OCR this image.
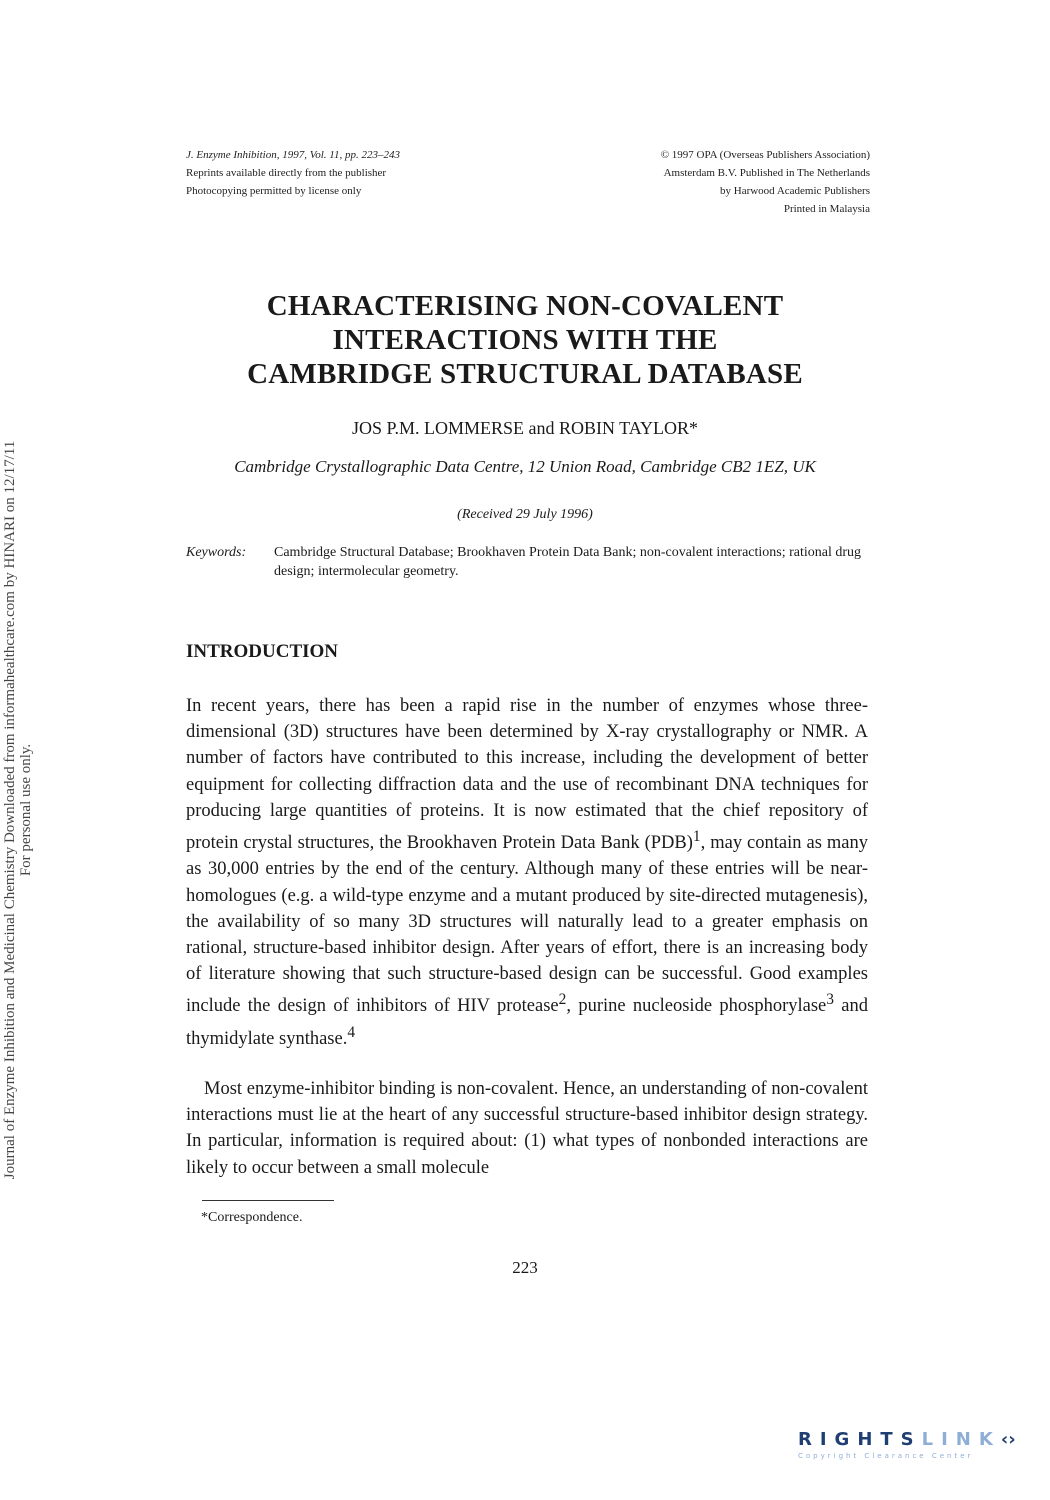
J. Enzyme Inhibition, 1997, Vol. 11, pp. 223–243
Reprints available directly from the publisher
Photocopying permitted by license only
© 1997 OPA (Overseas Publishers Association)
Amsterdam B.V. Published in The Netherlands
by Harwood Academic Publishers
Printed in Malaysia
Journal of Enzyme Inhibition and Medicinal Chemistry Downloaded from informahealthcare.com by HINARI on 12/17/11 For personal use only.
CHARACTERISING NON-COVALENT
INTERACTIONS WITH THE
CAMBRIDGE STRUCTURAL DATABASE
JOS P.M. LOMMERSE and ROBIN TAYLOR*
Cambridge Crystallographic Data Centre, 12 Union Road, Cambridge CB2 1EZ, UK
(Received 29 July 1996)
Keywords: Cambridge Structural Database; Brookhaven Protein Data Bank; non-covalent interactions; rational drug design; intermolecular geometry.
INTRODUCTION

In recent years, there has been a rapid rise in the number of enzymes whose three-dimensional (3D) structures have been determined by X-ray crystallography or NMR. A number of factors have contributed to this increase, including the development of better equipment for collecting diffraction data and the use of recombinant DNA techniques for producing large quantities of proteins. It is now estimated that the chief repository of protein crystal structures, the Brookhaven Protein Data Bank (PDB)$^1$, may contain as many as 30,000 entries by the end of the century. Although many of these entries will be near-homologues (e.g. a wild-type enzyme and a mutant produced by site-directed mutagenesis), the availability of so many 3D structures will naturally lead to a greater emphasis on rational, structure-based inhibitor design. After years of effort, there is an increasing body of literature showing that such structure-based design can be successful. Good examples include the design of inhibitors of HIV protease$^2$, purine nucleoside phosphorylase$^3$ and thymidylate synthase.$^4$

Most enzyme-inhibitor binding is non-covalent. Hence, an understanding of non-covalent interactions must lie at the heart of any successful structure-based inhibitor design strategy. In particular, information is required about: (1) what types of nonbonded interactions are likely to occur between a small molecule

*Correspondence.
223
RIGHTSLINK‹›
Copyright Clearance Center
